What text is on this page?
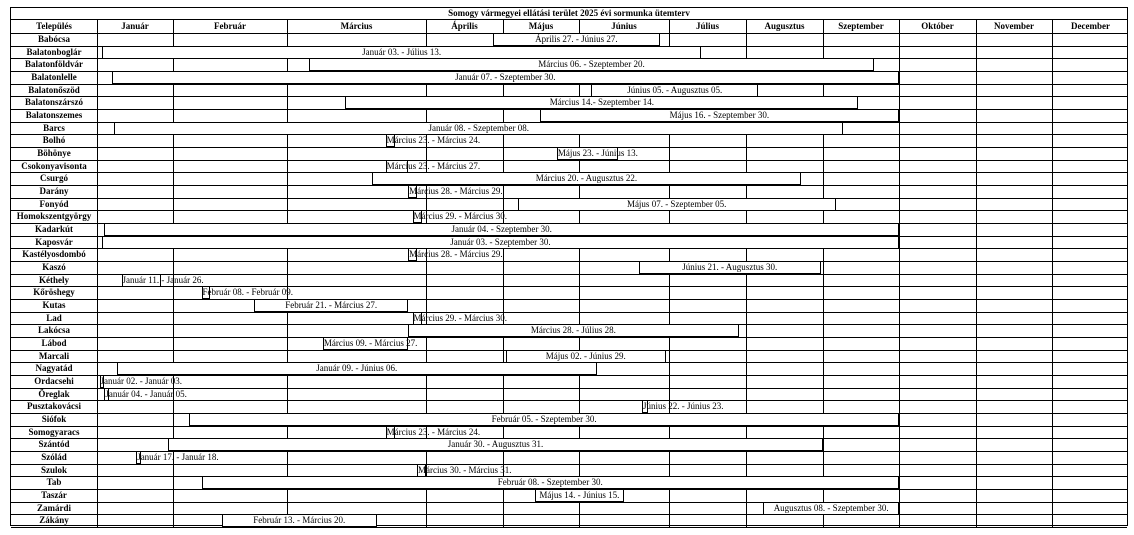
Somogy vármegyei ellátási terület 2025 évi sormunka ütemterv
Település	Január	Február	Március	Április	Május	Június	Július	Augusztus	Szeptember	Október	November	December
Babócsa	Április 27. - Június 27.
Balatonboglár	Január 03. - Július 13.
Balatonföldvár	Március 06. - Szeptember 20.
Balatonlelle	Január 07. - Szeptember 30.
Balatonőszöd	Június 05. - Augusztus 05.
Balatonszárszó	Március 14.- Szeptember 14.
Balatonszemes	Május 16. - Szeptember 30.
Barcs	Január 08. - Szeptember 08.
Bolhó	Március 23. - Március 24.
Böhönye	Május 23. - Június 13.
Csokonyavisonta	Március 23. - Március 27.
Csurgó	Március 20. - Augusztus 22.
Darány	Március 28. - Március 29.
Fonyód	Május 07. - Szeptember 05.
Homokszentgyörgy	Március 29. - Március 30.
Kadarkút	Január 04. - Szeptember 30.
Kaposvár	Január 03. - Szeptember 30.
Kastélyosdombó	Március 28. - Március 29.
Kaszó	Június 21. - Augusztus 30.
Kéthely	Január 11. - Január 26.
Kőröshegy	Február 08. - Február 09.
Kutas	Február 21. - Március 27.
Lad	Március 29. - Március 30.
Lakócsa	Március 28. - Július 28.
Lábod	Március 09. - Március 27.
Marcali	Május 02. - Június 29.
Nagyatád	Január 09. - Június 06.
Ordacsehi	Január 02. - Január 03.
Öreglak	Január 04. - Január 05.
Pusztakovácsi	Június 22. - Június 23.
Siófok	Február 05. - Szeptember 30.
Somogyaracs	Március 23. - Március 24.
Szántód	Január 30. - Augusztus 31.
Szólád	Január 17. - Január 18.
Szulok	Március 30. - Március 31.
Tab	Február 08. - Szeptember 30.
Taszár	Május 14. - Június 15.
Zamárdi	Augusztus 08. - Szeptember 30.
Zákány	Február 13. - Március 20.
